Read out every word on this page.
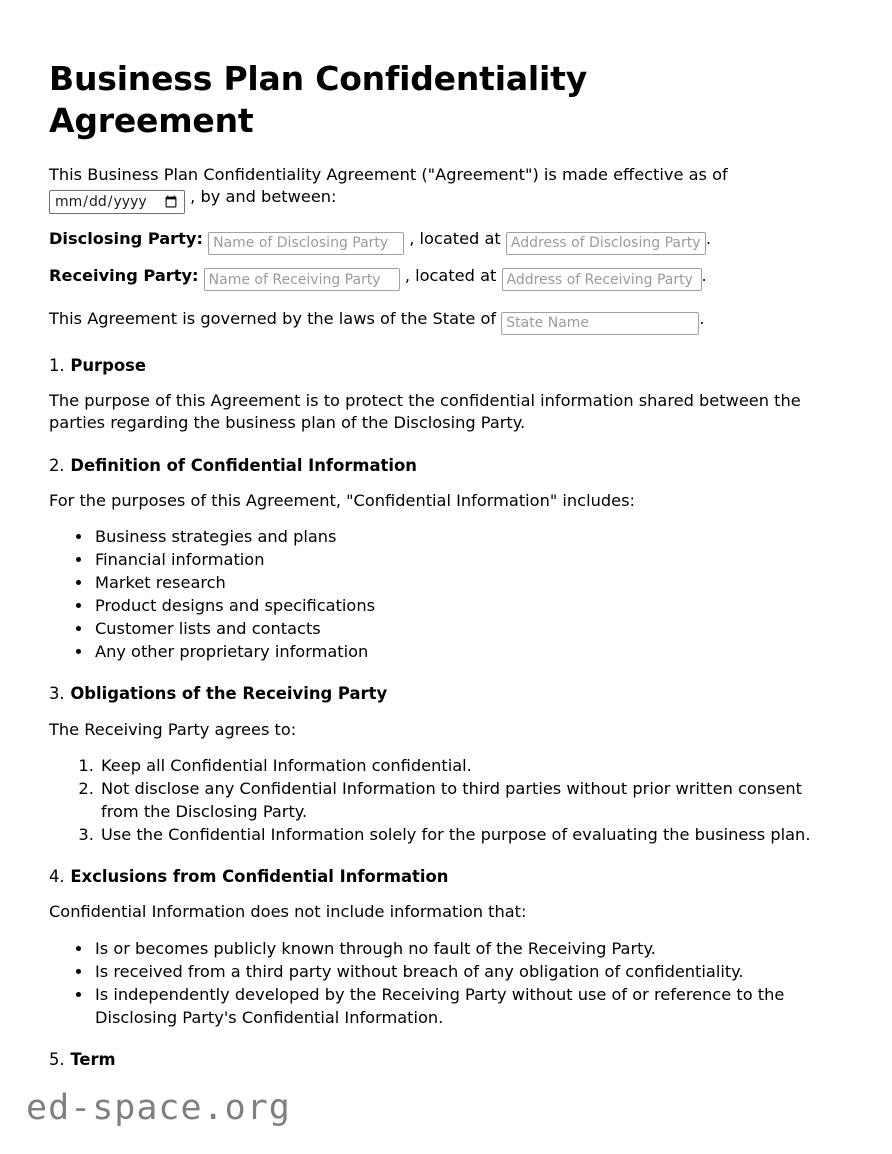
Business Plan Confidentiality Agreement

This Business Plan Confidentiality Agreement ("Agreement") is made effective as of
mm/dd/yyyy , by and between:

Disclosing Party: Name of Disclosing Party	, located at Address of Disclosing Party	.

Receiving Party: Name of Receiving Party	, located at Address of Receiving Party	.

This Agreement is governed by the laws of the State of State Name	.

1. Purpose

The purpose of this Agreement is to protect the confidential information shared between the parties regarding the business plan of the Disclosing Party.

2. Definition of Confidential Information

For the purposes of this Agreement, "Confidential Information" includes:

• Business strategies and plans
• Financial information
• Market research
• Product designs and specifications
• Customer lists and contacts
• Any other proprietary information
3. Obligations of the Receiving Party

The Receiving Party agrees to:

1. Keep all Confidential Information confidential.
2. Not disclose any Confidential Information to third parties without prior written consent from the Disclosing Party.
3. Use the Confidential Information solely for the purpose of evaluating the business plan.
4. Exclusions from Confidential Information

Confidential Information does not include information that:

• Is or becomes publicly known through no fault of the Receiving Party.
• Is received from a third party without breach of any obligation of confidentiality.
• Is independently developed by the Receiving Party without use of or reference to the Disclosing Party's Confidential Information.
5. Term
ed-space.org
